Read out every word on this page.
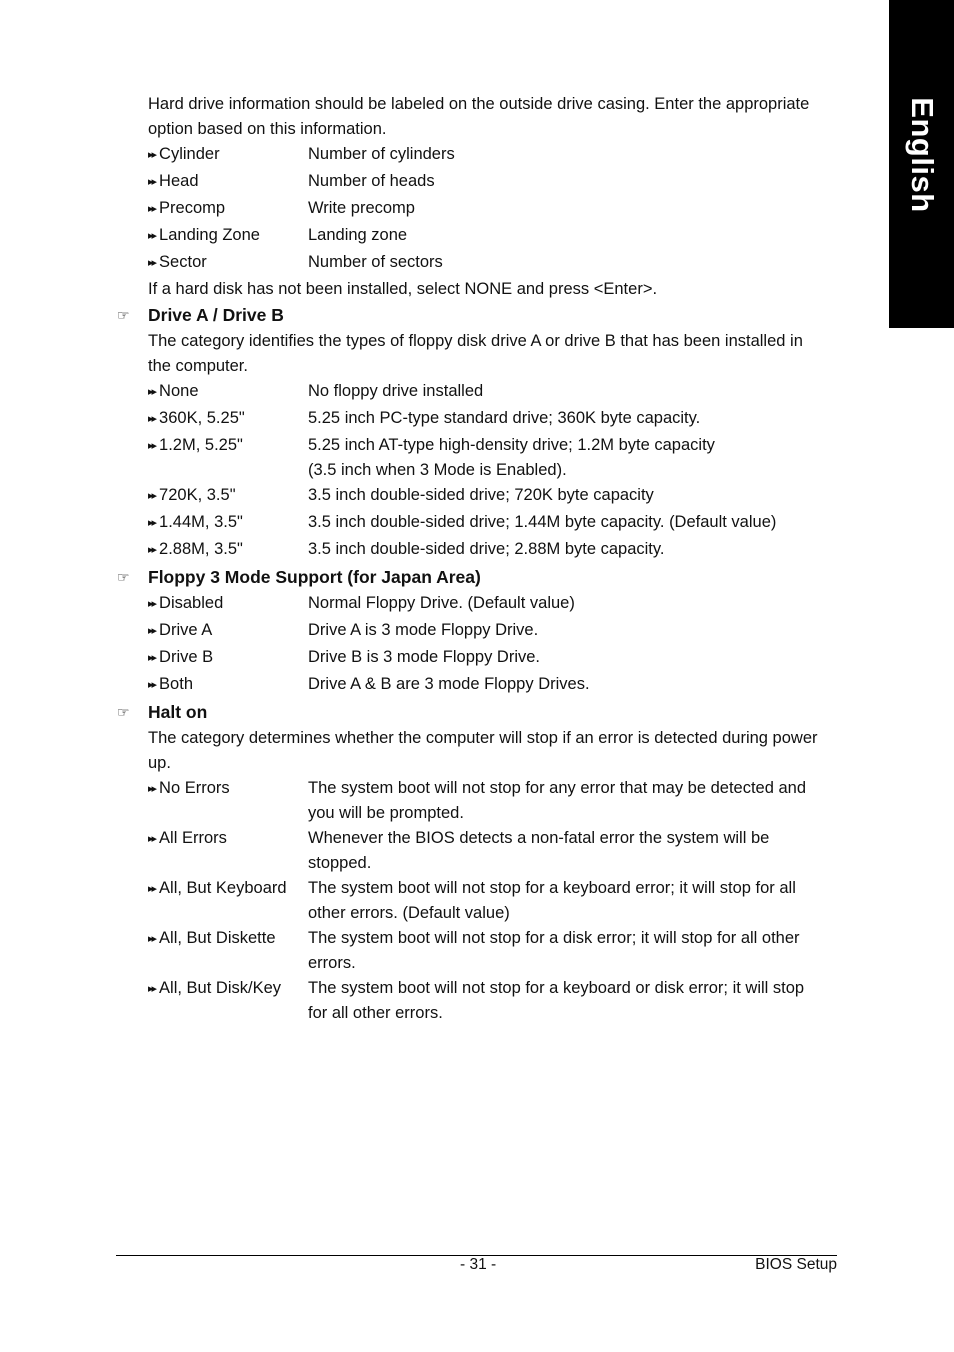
English

Hard drive information should be labeled on the outside drive casing. Enter the appropriate option based on this information.

▸▸ Cylinder	Number of cylinders
▸▸ Head	Number of heads
▸▸ Precomp	Write precomp
▸▸ Landing Zone	Landing zone
▸▸ Sector	Number of sectors

If a hard disk has not been installed, select NONE and press <Enter>.

☞ Drive A / Drive B

The category identifies the types of floppy disk drive A or drive B that has been installed in the computer.

▸▸ None	No floppy drive installed
▸▸ 360K, 5.25"	5.25 inch PC-type standard drive; 360K byte capacity.
▸▸ 1.2M, 5.25"	5.25 inch AT-type high-density drive; 1.2M byte capacity
(3.5 inch when 3 Mode is Enabled).
▸▸ 720K, 3.5"	3.5 inch double-sided drive; 720K byte capacity
▸▸ 1.44M, 3.5"	3.5 inch double-sided drive; 1.44M byte capacity. (Default value)
▸▸ 2.88M, 3.5"	3.5 inch double-sided drive; 2.88M byte capacity.
☞ Floppy 3 Mode Support (for Japan Area)
▸▸ Disabled	Normal Floppy Drive. (Default value)
▸▸ Drive A	Drive A is 3 mode Floppy Drive.
▸▸ Drive B	Drive B is 3 mode Floppy Drive.
▸▸ Both	Drive A & B are 3 mode Floppy Drives.
☞ Halt on

The category determines whether the computer will stop if an error is detected during power up.

▸▸ No Errors	The system boot will not stop for any error that may be detected and you will be prompted.
▸▸ All Errors	Whenever the BIOS detects a non-fatal error the system will be stopped.
▸▸ All, But Keyboard	The system boot will not stop for a keyboard error; it will stop for all other errors. (Default value)
▸▸ All, But Diskette	The system boot will not stop for a disk error; it will stop for all other errors.
▸▸ All, But Disk/Key	The system boot will not stop for a keyboard or disk error; it will stop for all other errors.
- 31 -	BIOS Setup
